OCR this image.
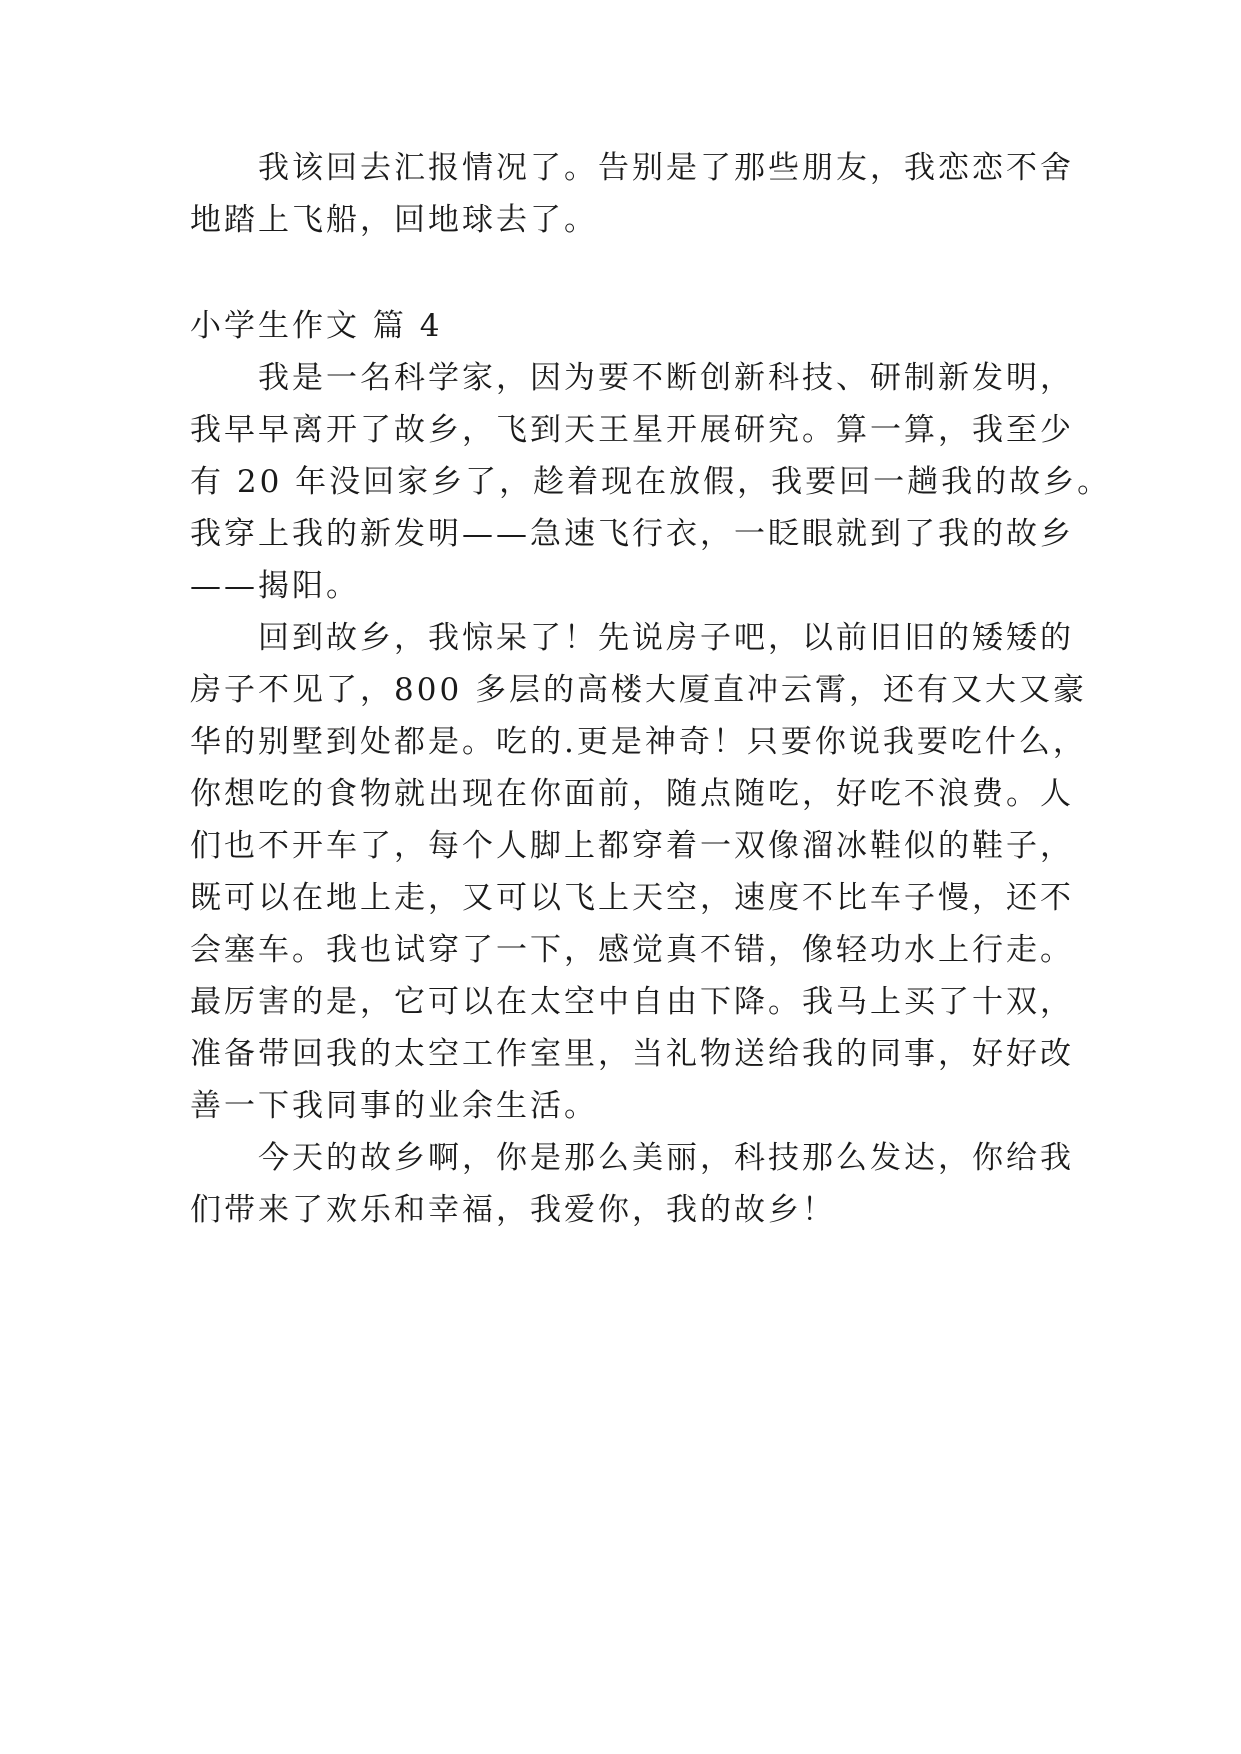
我该回去汇报情况了。告别是了那些朋友，我恋恋不舍
地踏上飞船，回地球去了。
小学生作文 篇 4
我是一名科学家，因为要不断创新科技、研制新发明，
我早早离开了故乡，飞到天王星开展研究。算一算，我至少
有 20 年没回家乡了，趁着现在放假，我要回一趟我的故乡。
我穿上我的新发明——急速飞行衣，一眨眼就到了我的故乡
——揭阳。
回到故乡，我惊呆了！先说房子吧，以前旧旧的矮矮的
房子不见了，800 多层的高楼大厦直冲云霄，还有又大又豪
华的别墅到处都是。吃的.更是神奇！只要你说我要吃什么，
你想吃的食物就出现在你面前，随点随吃，好吃不浪费。人
们也不开车了，每个人脚上都穿着一双像溜冰鞋似的鞋子，
既可以在地上走，又可以飞上天空，速度不比车子慢，还不
会塞车。我也试穿了一下，感觉真不错，像轻功水上行走。
最厉害的是，它可以在太空中自由下降。我马上买了十双，
准备带回我的太空工作室里，当礼物送给我的同事，好好改
善一下我同事的业余生活。
今天的故乡啊，你是那么美丽，科技那么发达，你给我
们带来了欢乐和幸福，我爱你，我的故乡！
